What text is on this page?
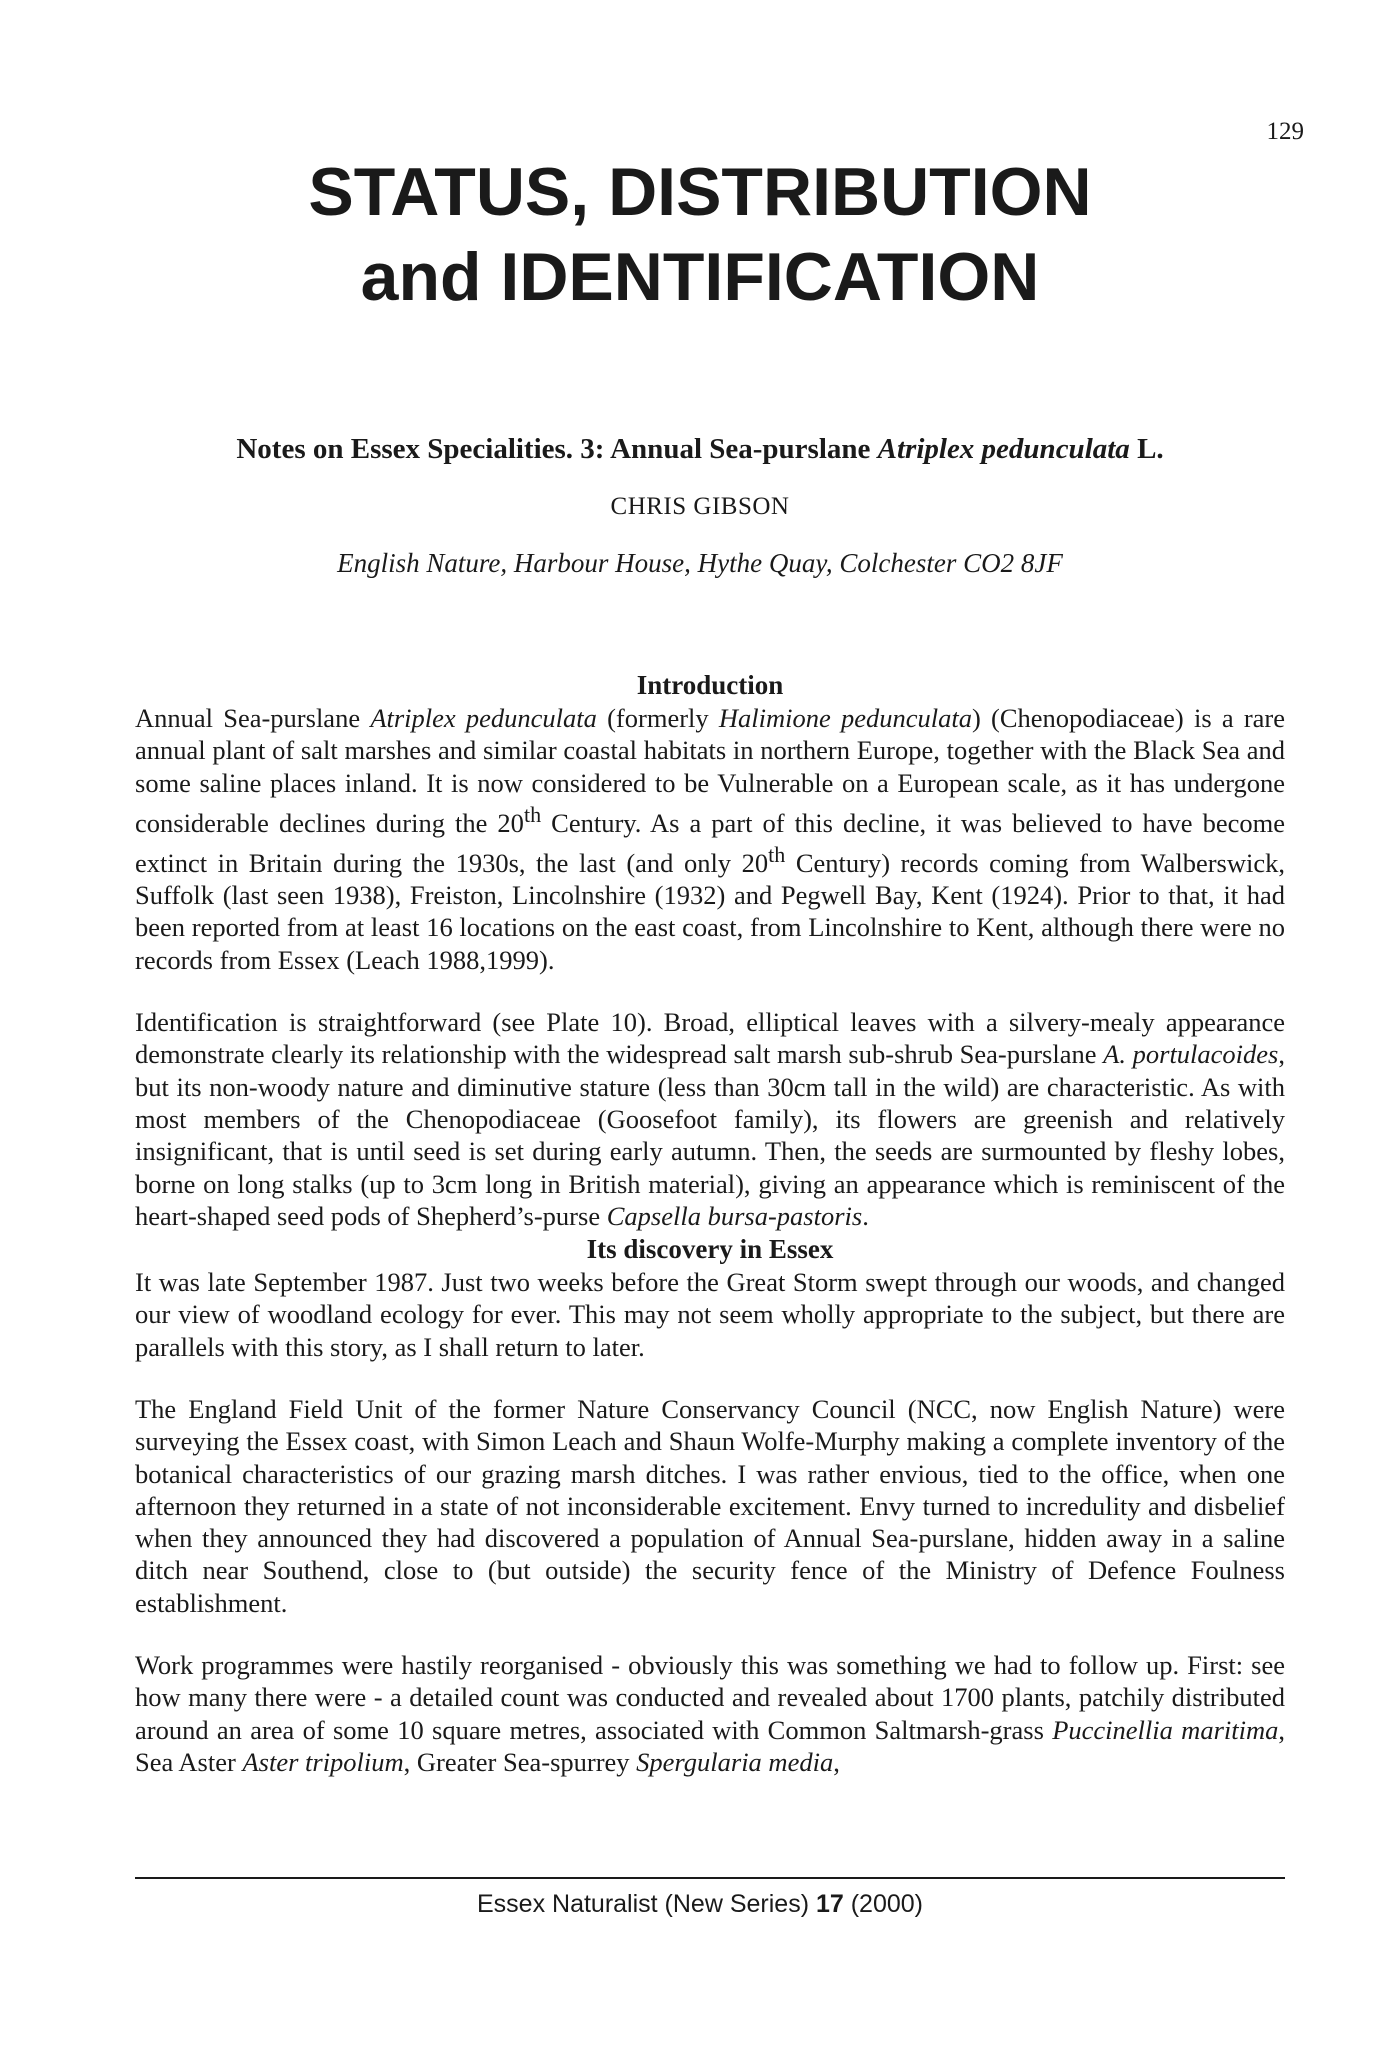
129
STATUS, DISTRIBUTION
and IDENTIFICATION
Notes on Essex Specialities. 3: Annual Sea-purslane Atriplex pedunculata L.
CHRIS GIBSON
English Nature, Harbour House, Hythe Quay, Colchester CO2 8JF
Introduction

Annual Sea-purslane Atriplex pedunculata (formerly Halimione pedunculata) (Chenopodiaceae) is a rare annual plant of salt marshes and similar coastal habitats in northern Europe, together with the Black Sea and some saline places inland. It is now considered to be Vulnerable on a European scale, as it has undergone considerable declines during the 20th Century. As a part of this decline, it was believed to have become extinct in Britain during the 1930s, the last (and only 20th Century) records coming from Walberswick, Suffolk (last seen 1938), Freiston, Lincolnshire (1932) and Pegwell Bay, Kent (1924). Prior to that, it had been reported from at least 16 locations on the east coast, from Lincolnshire to Kent, although there were no records from Essex (Leach 1988,1999).

Identification is straightforward (see Plate 10). Broad, elliptical leaves with a silvery-mealy appearance demonstrate clearly its relationship with the widespread salt marsh sub-shrub Sea-purslane A. portulacoides, but its non-woody nature and diminutive stature (less than 30cm tall in the wild) are characteristic. As with most members of the Chenopodiaceae (Goosefoot family), its flowers are greenish and relatively insignificant, that is until seed is set during early autumn. Then, the seeds are surmounted by fleshy lobes, borne on long stalks (up to 3cm long in British material), giving an appearance which is reminiscent of the heart-shaped seed pods of Shepherd’s-purse Capsella bursa-pastoris.

Its discovery in Essex

It was late September 1987. Just two weeks before the Great Storm swept through our woods, and changed our view of woodland ecology for ever. This may not seem wholly appropriate to the subject, but there are parallels with this story, as I shall return to later.

The England Field Unit of the former Nature Conservancy Council (NCC, now English Nature) were surveying the Essex coast, with Simon Leach and Shaun Wolfe-Murphy making a complete inventory of the botanical characteristics of our grazing marsh ditches. I was rather envious, tied to the office, when one afternoon they returned in a state of not inconsiderable excitement. Envy turned to incredulity and disbelief when they announced they had discovered a population of Annual Sea-purslane, hidden away in a saline ditch near Southend, close to (but outside) the security fence of the Ministry of Defence Foulness establishment.

Work programmes were hastily reorganised - obviously this was something we had to follow up. First: see how many there were - a detailed count was conducted and revealed about 1700 plants, patchily distributed around an area of some 10 square metres, associated with Common Saltmarsh-grass Puccinellia maritima, Sea Aster Aster tripolium, Greater Sea-spurrey Spergularia media,

Essex Naturalist (New Series) 17 (2000)
